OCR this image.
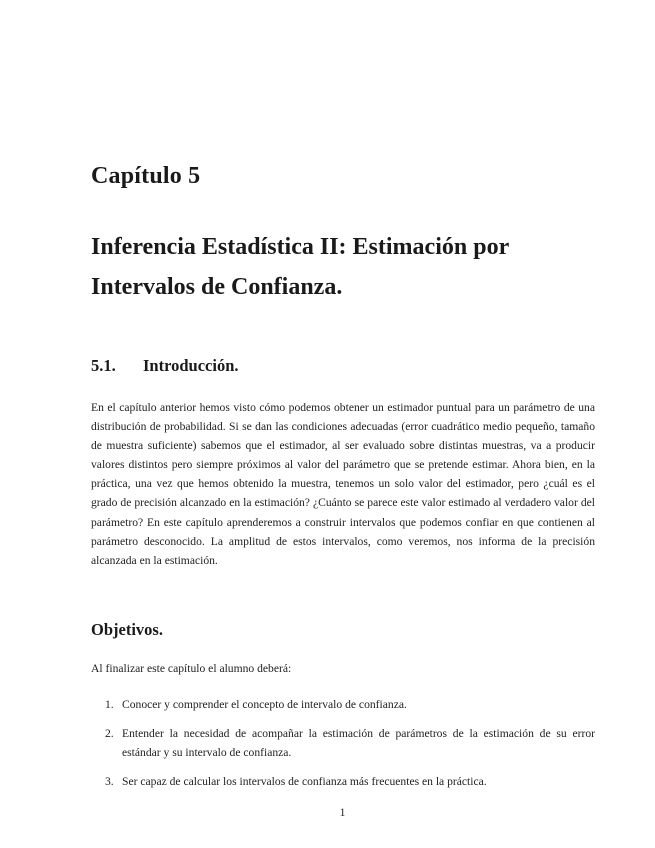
Capítulo 5
Inferencia Estadística II: Estimación por Intervalos de Confianza.
5.1. Introducción.

En el capítulo anterior hemos visto cómo podemos obtener un estimador puntual para un parámetro de una distribución de probabilidad. Si se dan las condiciones adecuadas (error cuadrático medio pequeño, tamaño de muestra suficiente) sabemos que el estimador, al ser evaluado sobre distintas muestras, va a producir valores distintos pero siempre próximos al valor del parámetro que se pretende estimar. Ahora bien, en la práctica, una vez que hemos obtenido la muestra, tenemos un solo valor del estimador, pero ¿cuál es el grado de precisión alcanzado en la estimación? ¿Cuánto se parece este valor estimado al verdadero valor del parámetro? En este capítulo aprenderemos a construir intervalos que podemos confiar en que contienen al parámetro desconocido. La amplitud de estos intervalos, como veremos, nos informa de la precisión alcanzada en la estimación.

Objetivos.
Al finalizar este capítulo el alumno deberá:
1. Conocer y comprender el concepto de intervalo de confianza.
2. Entender la necesidad de acompañar la estimación de parámetros de la estimación de su error estándar y su intervalo de confianza.
3. Ser capaz de calcular los intervalos de confianza más frecuentes en la práctica.
1
